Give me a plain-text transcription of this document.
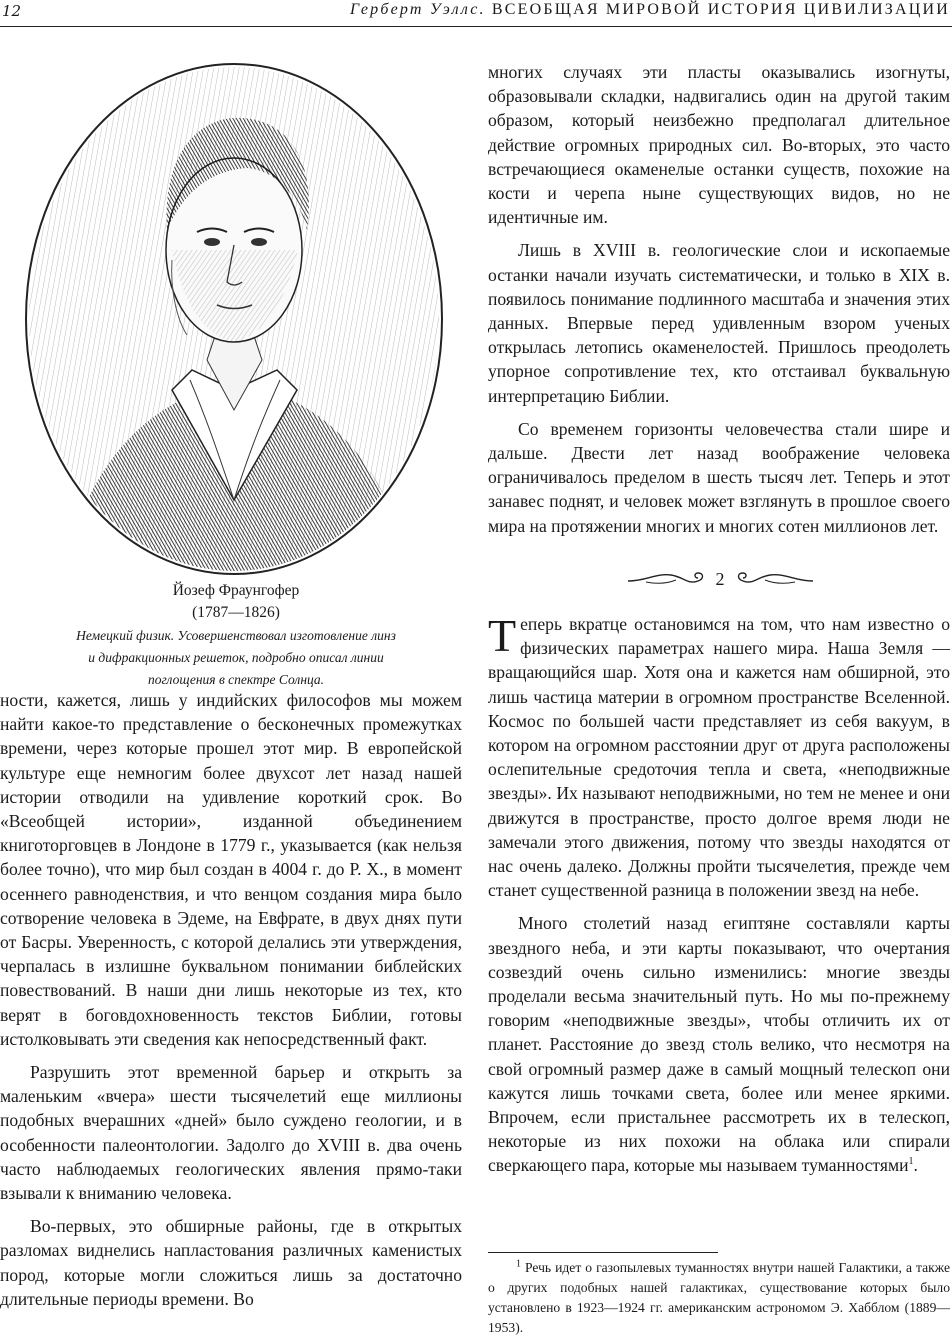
12	Герберт Уэллс. ВСЕОБЩАЯ МИРОВОЙ ИСТОРИЯ ЦИВИЛИЗАЦИИ
Йозеф Фраунгофер
(1787—1826)
Немецкий физик. Усовершенствовал изготовление линз
и дифракционных решеток, подробно описал линии
поглощения в спектре Солнца.

ности, кажется, лишь у индийских философов мы можем найти какое-то представление о бесконечных промежутках времени, через которые прошел этот мир. В европейской культуре еще немногим более двухсот лет назад нашей истории отводили на удивление короткий срок. Во «Всеобщей истории», изданной объединением книготорговцев в Лондоне в 1779 г., указывается (как нельзя более точно), что мир был создан в 4004 г. до Р. Х., в момент осеннего равноденствия, и что венцом создания мира было сотворение человека в Эдеме, на Евфрате, в двух днях пути от Басры. Уверенность, с которой делались эти утверждения, черпалась в излишне буквальном понимании библейских повествований. В наши дни лишь некоторые из тех, кто верят в боговдохновенность текстов Библии, готовы истолковывать эти сведения как непосредственный факт.

Разрушить этот временной барьер и открыть за маленьким «вчера» шести тысячелетий еще миллионы подобных вчерашних «дней» было суждено геологии, и в особенности палеонтологии. Задолго до XVIII в. два очень часто наблюдаемых геологических явления прямо-таки взывали к вниманию человека.

Во-первых, это обширные районы, где в открытых разломах виднелись напластования различных каменистых пород, которые могли сложиться лишь за достаточно длительные периоды времени. Во

многих случаях эти пласты оказывались изогнуты, образовывали складки, надвигались один на другой таким образом, который неизбежно предполагал длительное действие огромных природных сил. Во-вторых, это часто встречающиеся окаменелые останки существ, похожие на кости и черепа ныне существующих видов, но не идентичные им.

Лишь в XVIII в. геологические слои и ископаемые останки начали изучать систематически, и только в XIX в. появилось понимание подлинного масштаба и значения этих данных. Впервые перед удивленным взором ученых открылась летопись окаменелостей. Пришлось преодолеть упорное сопротивление тех, кто отстаивал буквальную интерпретацию Библии.

Со временем горизонты человечества стали шире и дальше. Двести лет назад воображение человека ограничивалось пределом в шесть тысяч лет. Теперь и этот занавес поднят, и человек может взглянуть в прошлое своего мира на протяжении многих и многих сотен миллионов лет.

2

Теперь вкратце остановимся на том, что нам известно о физических параметрах нашего мира. Наша Земля — вращающийся шар. Хотя она и кажется нам обширной, это лишь частица материи в огромном пространстве Вселенной. Космос по большей части представляет из себя вакуум, в котором на огромном расстоянии друг от друга расположены ослепительные средоточия тепла и света, «неподвижные звезды». Их называют неподвижными, но тем не менее и они движутся в пространстве, просто долгое время люди не замечали этого движения, потому что звезды находятся от нас очень далеко. Должны пройти тысячелетия, прежде чем станет существенной разница в положении звезд на небе.

Много столетий назад египтяне составляли карты звездного неба, и эти карты показывают, что очертания созвездий очень сильно изменились: многие звезды проделали весьма значительный путь. Но мы по-прежнему говорим «неподвижные звезды», чтобы отличить их от планет. Расстояние до звезд столь велико, что несмотря на свой огромный размер даже в самый мощный телескоп они кажутся лишь точками света, более или менее яркими. Впрочем, если пристальнее рассмотреть их в телескоп, некоторые из них похожи на облака или спирали сверкающего пара, которые мы называем туманностями$^1$.

$^1$ Речь идет о газопылевых туманностях внутри нашей Галактики, а также о других подобных нашей галактиках, существование которых было установлено в 1923—1924 гг. американским астрономом Э. Хабблом (1889—1953).
